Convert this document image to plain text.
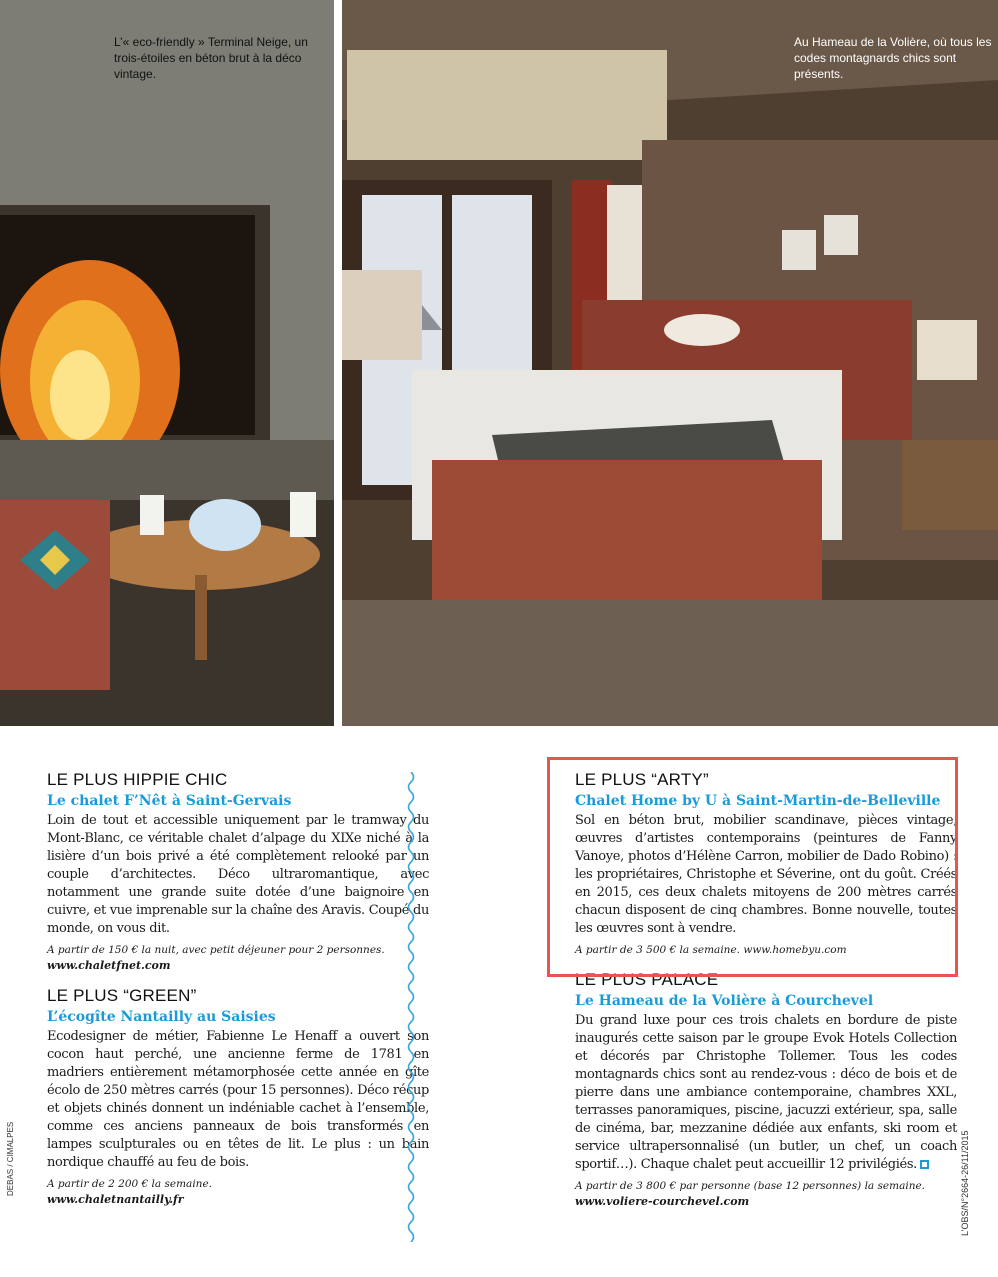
L’« eco-friendly » Terminal Neige, un trois-étoiles en béton brut à la déco vintage.
Au Hameau de la Volière, où tous les codes montagnards chics sont présents.
LE PLUS HIPPIE CHIC
Le chalet F’Nêt à Saint-Gervais

Loin de tout et accessible uniquement par le tramway du Mont-Blanc, ce véritable chalet d’alpage du XIXe niché à la lisière d’un bois privé a été complètement relooké par un couple d’architectes. Déco ultraromantique, avec notamment une grande suite dotée d’une baignoire en cuivre, et vue imprenable sur la chaîne des Aravis. Coupé du monde, on vous dit.

A partir de 150 € la nuit, avec petit déjeuner pour 2 personnes.
www.chaletfnet.com
LE PLUS “GREEN”
L’écogîte Nantailly au Saisies

Ecodesigner de métier, Fabienne Le Henaff a ouvert son cocon haut perché, une ancienne ferme de 1781 en madriers entièrement métamorphosée cette année en gîte écolo de 250 mètres carrés (pour 15 personnes). Déco récup et objets chinés donnent un indéniable cachet à l’ensemble, comme ces anciens panneaux de bois transformés en lampes sculpturales ou en têtes de lit. Le plus : un bain nordique chauffé au feu de bois.

A partir de 2 200 € la semaine.
www.chaletnantailly.fr
LE PLUS “ARTY”
Chalet Home by U à Saint-Martin-de-Belleville

Sol en béton brut, mobilier scandinave, pièces vintage, œuvres d’artistes contemporains (peintures de Fanny Vanoye, photos d’Hélène Carron, mobilier de Dado Robino) : les propriétaires, Christophe et Séverine, ont du goût. Créés en 2015, ces deux chalets mitoyens de 200 mètres carrés chacun disposent de cinq chambres. Bonne nouvelle, toutes les œuvres sont à vendre.

A partir de 3 500 € la semaine. www.homebyu.com
LE PLUS PALACE
Le Hameau de la Volière à Courchevel

Du grand luxe pour ces trois chalets en bordure de piste inaugurés cette saison par le groupe Evok Hotels Collection et décorés par Christophe Tollemer. Tous les codes montagnards chics sont au rendez-vous : déco de bois et de pierre dans une ambiance contemporaine, chambres XXL, terrasses panoramiques, piscine, jacuzzi extérieur, spa, salle de cinéma, bar, mezzanine dédiée aux enfants, ski room et service ultrapersonnalisé (un butler, un chef, un coach sportif…). Chaque chalet peut accueillir 12 privilégiés.

A partir de 3 800 € par personne (base 12 personnes) la semaine.
www.voliere-courchevel.com
DEBAS / CIMALPES	L’OBS/N°2664-26/11/2015
